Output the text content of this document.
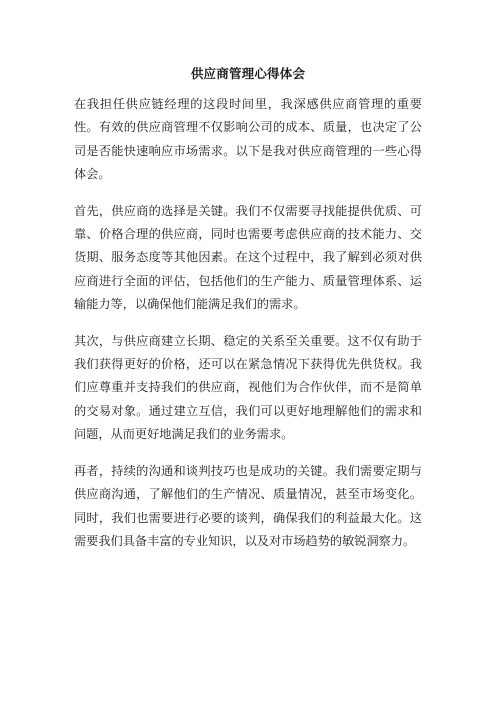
供应商管理心得体会

在我担任供应链经理的这段时间里，我深感供应商管理的重要性。有效的供应商管理不仅影响公司的成本、质量，也决定了公司是否能快速响应市场需求。以下是我对供应商管理的一些心得体会。

首先，供应商的选择是关键。我们不仅需要寻找能提供优质、可靠、价格合理的供应商，同时也需要考虑供应商的技术能力、交货期、服务态度等其他因素。在这个过程中，我了解到必须对供应商进行全面的评估，包括他们的生产能力、质量管理体系、运输能力等，以确保他们能满足我们的需求。

其次，与供应商建立长期、稳定的关系至关重要。这不仅有助于我们获得更好的价格，还可以在紧急情况下获得优先供货权。我们应尊重并支持我们的供应商，视他们为合作伙伴，而不是简单的交易对象。通过建立互信，我们可以更好地理解他们的需求和问题，从而更好地满足我们的业务需求。

再者，持续的沟通和谈判技巧也是成功的关键。我们需要定期与供应商沟通，了解他们的生产情况、质量情况，甚至市场变化。同时，我们也需要进行必要的谈判，确保我们的利益最大化。这需要我们具备丰富的专业知识，以及对市场趋势的敏锐洞察力。
